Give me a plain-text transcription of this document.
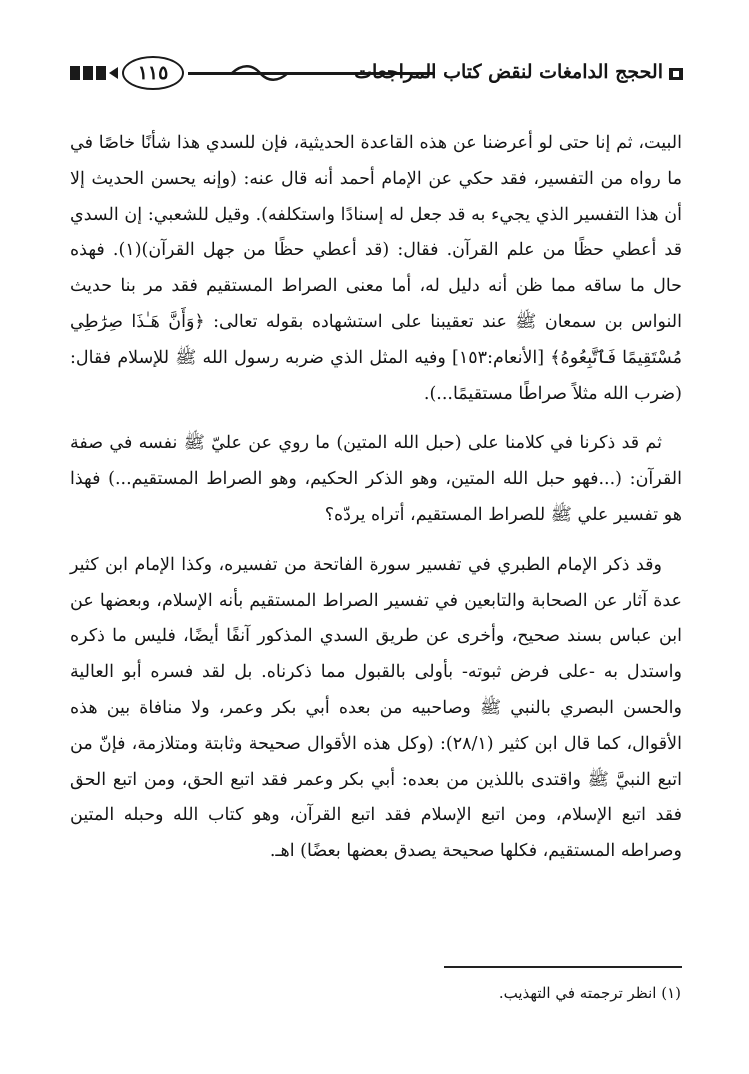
١١٥	الحجج الدامغات لنقض كتاب المراجعات

البيت، ثم إنا حتى لو أعرضنا عن هذه القاعدة الحديثية، فإن للسدي هذا شأنًا خاصًا في ما رواه من التفسير، فقد حكي عن الإمام أحمد أنه قال عنه: (وإنه يحسن الحديث إلا أن هذا التفسير الذي يجيء به قد جعل له إسنادًا واستكلفه). وقيل للشعبي: إن السدي قد أعطي حظًا من علم القرآن. فقال: (قد أعطي حظًا من جهل القرآن)(١). فهذه حال ما ساقه مما ظن أنه دليل له، أما معنى الصراط المستقيم فقد مر بنا حديث النواس بن سمعان ﷺ عند تعقيبنا على استشهاده بقوله تعالى: ﴿وَأَنَّ هَـٰذَا صِرَٰطِي مُسْتَقِيمًا فَٱتَّبِعُوهُ﴾ [الأنعام:١٥٣] وفيه المثل الذي ضربه رسول الله ﷺ للإسلام فقال: (ضرب الله مثلاً صراطًا مستقيمًا...).

ثم قد ذكرنا في كلامنا على (حبل الله المتين) ما روي عن عليّ ﷺ نفسه في صفة القرآن: (...فهو حبل الله المتين، وهو الذكر الحكيم، وهو الصراط المستقيم...) فهذا هو تفسير علي ﷺ للصراط المستقيم، أتراه يردّه؟

وقد ذكر الإمام الطبري في تفسير سورة الفاتحة من تفسيره، وكذا الإمام ابن كثير عدة آثار عن الصحابة والتابعين في تفسير الصراط المستقيم بأنه الإسلام، وبعضها عن ابن عباس بسند صحيح، وأخرى عن طريق السدي المذكور آنفًا أيضًا، فليس ما ذكره واستدل به -على فرض ثبوته- بأولى بالقبول مما ذكرناه. بل لقد فسره أبو العالية والحسن البصري بالنبي ﷺ وصاحبيه من بعده أبي بكر وعمر، ولا منافاة بين هذه الأقوال، كما قال ابن كثير (٢٨/١): (وكل هذه الأقوال صحيحة وثابتة ومتلازمة، فإنّ من اتبع النبيَّ ﷺ واقتدى باللذين من بعده: أبي بكر وعمر فقد اتبع الحق، ومن اتبع الحق فقد اتبع الإسلام، ومن اتبع الإسلام فقد اتبع القرآن، وهو كتاب الله وحبله المتين وصراطه المستقيم، فكلها صحيحة يصدق بعضها بعضًا) اهـ.

(١) انظر ترجمته في التهذيب.
